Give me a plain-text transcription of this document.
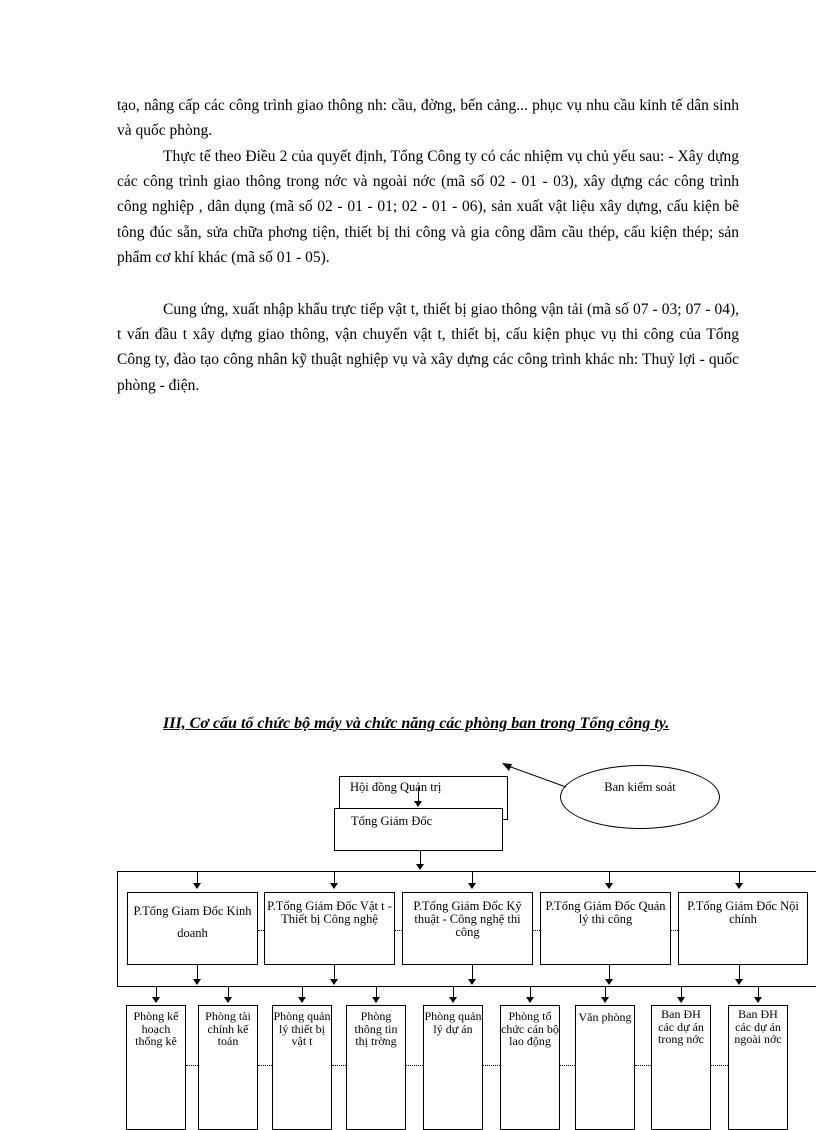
tạo, nâng cấp các công trình giao thông nh: cầu, đờng, bến cảng... phục vụ nhu cầu kinh tế dân sinh và quốc phòng.

Thực tế theo Điều 2 của quyết định, Tổng Công ty có các nhiệm vụ chủ yếu sau: - Xây dựng các công trình giao thông trong nớc và ngoài nớc (mã số 02 - 01 - 03), xây dựng các công trình công nghiệp , dân dụng (mã số 02 - 01 - 01; 02 - 01 - 06), sản xuất vật liệu xây dựng, cấu kiện bê tông đúc sẵn, sửa chữa phơng tiện, thiết bị thi công và gia công dầm cầu thép, cấu kiện thép; sản phẩm cơ khí khác (mã số 01 - 05).

Cung ứng, xuất nhập khẩu trực tiếp vật t, thiết bị giao thông vận tải (mã số 07 - 03; 07 - 04), t vấn đầu t xây dựng giao thông, vận chuyển vật t, thiết bị, cấu kiện phục vụ thi công của Tổng Công ty, đào tạo công nhân kỹ thuật nghiệp vụ và xây dựng các công trình khác nh: Thuỷ lợi - quốc phòng - điện.

III, Cơ cấu tổ chức bộ máy và chức năng các phòng ban trong Tổng công ty.

Hội đồng Quản trị
Tổng Giám Đốc
Ban kiểm soát
P.Tổng Giam Đốc Kinh doanh
P.Tổng Giám Đốc Vật t - Thiết bị Công nghệ
P.Tổng Giám Đốc Kỹ thuật - Công nghệ thi công
P.Tổng Giám Đốc Quản lý thi công
P.Tổng Giám Đốc Nội chính
Phòng kế hoạch thống kê
Phòng tài chính kế toán
Phòng quản lý thiết bị vật t
Phòng thông tin thị trờng
Phòng quản lý dự án
Phòng tổ chức cán bộ lao động
Văn phòng	Ban ĐH các dự án trong nớc
Ban ĐH các dự án ngoài nớc
